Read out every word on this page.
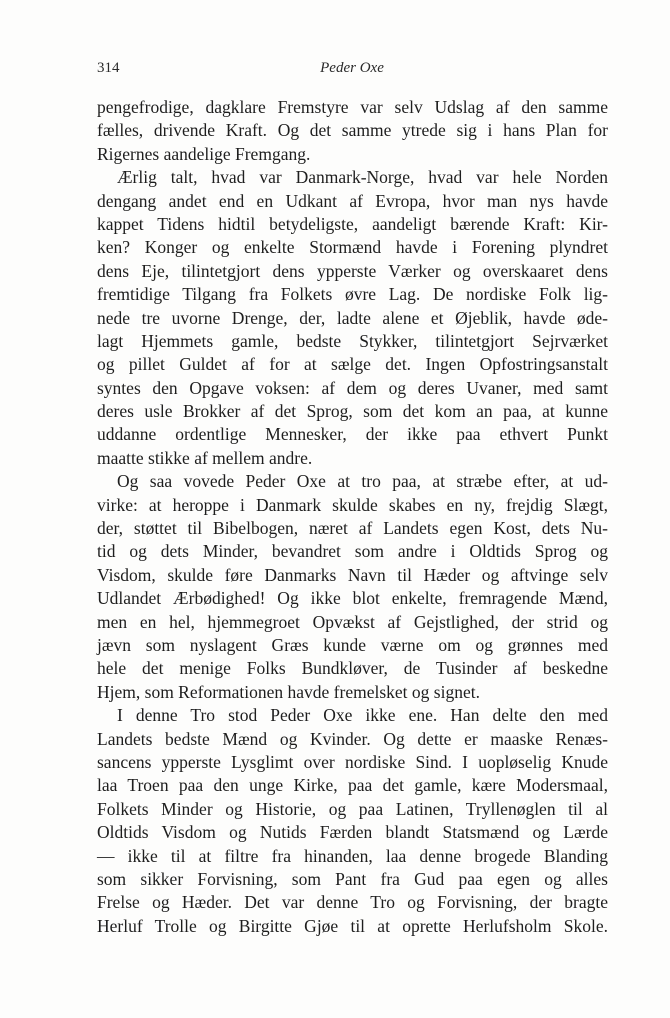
314	Peder Oxe
pengefrodige, dagklare Fremstyre var selv Udslag af den samme
fælles, drivende Kraft. Og det samme ytrede sig i hans Plan for
Rigernes aandelige Fremgang.
Ærlig talt, hvad var Danmark-Norge, hvad var hele Norden
dengang andet end en Udkant af Evropa, hvor man nys havde
kappet Tidens hidtil betydeligste, aandeligt bærende Kraft: Kir-
ken? Konger og enkelte Stormænd havde i Forening plyndret
dens Eje, tilintetgjort dens ypperste Værker og overskaaret dens
fremtidige Tilgang fra Folkets øvre Lag. De nordiske Folk lig-
nede tre uvorne Drenge, der, ladte alene et Øjeblik, havde øde-
lagt Hjemmets gamle, bedste Stykker, tilintetgjort Sejrværket
og pillet Guldet af for at sælge det. Ingen Opfostringsanstalt
syntes den Opgave voksen: af dem og deres Uvaner, med samt
deres usle Brokker af det Sprog, som det kom an paa, at kunne
uddanne ordentlige Mennesker, der ikke paa ethvert Punkt
maatte stikke af mellem andre.
Og saa vovede Peder Oxe at tro paa, at stræbe efter, at ud-
virke: at heroppe i Danmark skulde skabes en ny, frejdig Slægt,
der, støttet til Bibelbogen, næret af Landets egen Kost, dets Nu-
tid og dets Minder, bevandret som andre i Oldtids Sprog og
Visdom, skulde føre Danmarks Navn til Hæder og aftvinge selv
Udlandet Ærbødighed! Og ikke blot enkelte, fremragende Mænd,
men en hel, hjemmegroet Opvækst af Gejstlighed, der strid og
jævn som nyslagent Græs kunde værne om og grønnes med
hele det menige Folks Bundkløver, de Tusinder af beskedne
Hjem, som Reformationen havde fremelsket og signet.
I denne Tro stod Peder Oxe ikke ene. Han delte den med
Landets bedste Mænd og Kvinder. Og dette er maaske Renæs-
sancens ypperste Lysglimt over nordiske Sind. I uopløselig Knude
laa Troen paa den unge Kirke, paa det gamle, kære Modersmaal,
Folkets Minder og Historie, og paa Latinen, Tryllenøglen til al
Oldtids Visdom og Nutids Færden blandt Statsmænd og Lærde
— ikke til at filtre fra hinanden, laa denne brogede Blanding
som sikker Forvisning, som Pant fra Gud paa egen og alles
Frelse og Hæder. Det var denne Tro og Forvisning, der bragte
Herluf Trolle og Birgitte Gjøe til at oprette Herlufsholm Skole.
